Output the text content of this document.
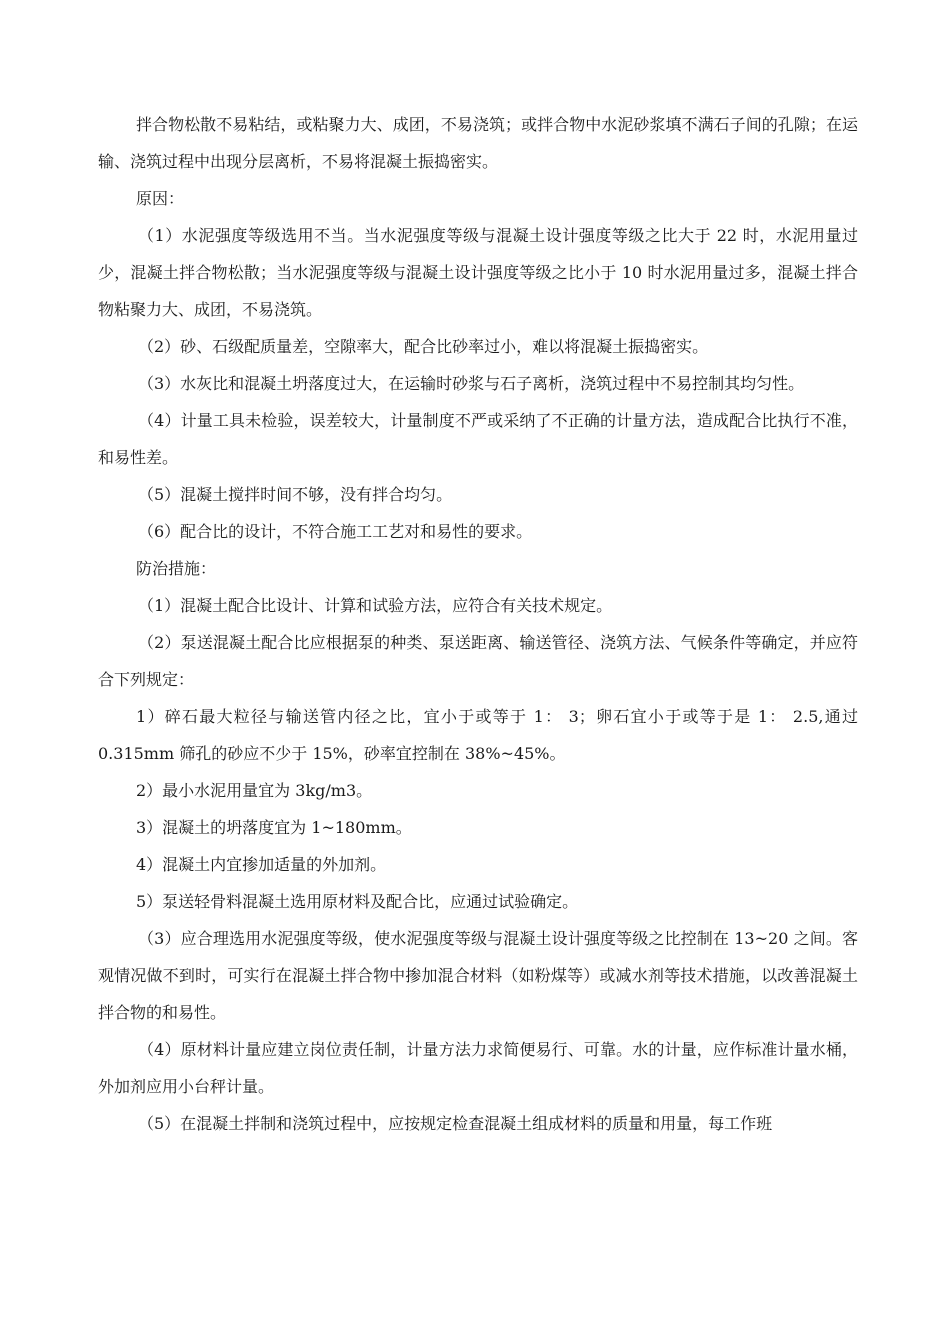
拌合物松散不易粘结，或粘聚力大、成团，不易浇筑；或拌合物中水泥砂浆填不满石子间的孔隙；在运输、浇筑过程中出现分层离析，不易将混凝土振捣密实。

原因：

（1）水泥强度等级选用不当。当水泥强度等级与混凝土设计强度等级之比大于 22 时，水泥用量过少，混凝土拌合物松散；当水泥强度等级与混凝土设计强度等级之比小于 10 时水泥用量过多，混凝土拌合物粘聚力大、成团，不易浇筑。

（2）砂、石级配质量差，空隙率大，配合比砂率过小，难以将混凝土振捣密实。

（3）水灰比和混凝土坍落度过大，在运输时砂浆与石子离析，浇筑过程中不易控制其均匀性。

（4）计量工具未检验，误差较大，计量制度不严或采纳了不正确的计量方法，造成配合比执行不准，和易性差。

（5）混凝土搅拌时间不够，没有拌合均匀。

（6）配合比的设计，不符合施工工艺对和易性的要求。

防治措施：

（1）混凝土配合比设计、计算和试验方法，应符合有关技术规定。

（2）泵送混凝土配合比应根据泵的种类、泵送距离、输送管径、浇筑方法、气候条件等确定，并应符合下列规定：

1）碎石最大粒径与输送管内径之比，宜小于或等于 1： 3；卵石宜小于或等于是 1： 2.5,通过 0.315mm 筛孔的砂应不少于 15%，砂率宜控制在 38%~45%。

2）最小水泥用量宜为 3kg/m3。

3）混凝土的坍落度宜为 1~180mm。

4）混凝土内宜掺加适量的外加剂。

5）泵送轻骨料混凝土选用原材料及配合比，应通过试验确定。

（3）应合理选用水泥强度等级，使水泥强度等级与混凝土设计强度等级之比控制在 13~20 之间。客观情况做不到时，可实行在混凝土拌合物中掺加混合材料（如粉煤等）或减水剂等技术措施，以改善混凝土拌合物的和易性。

（4）原材料计量应建立岗位责任制，计量方法力求简便易行、可靠。水的计量，应作标准计量水桶，外加剂应用小台秤计量。

（5）在混凝土拌制和浇筑过程中，应按规定检查混凝土组成材料的质量和用量，每工作班
